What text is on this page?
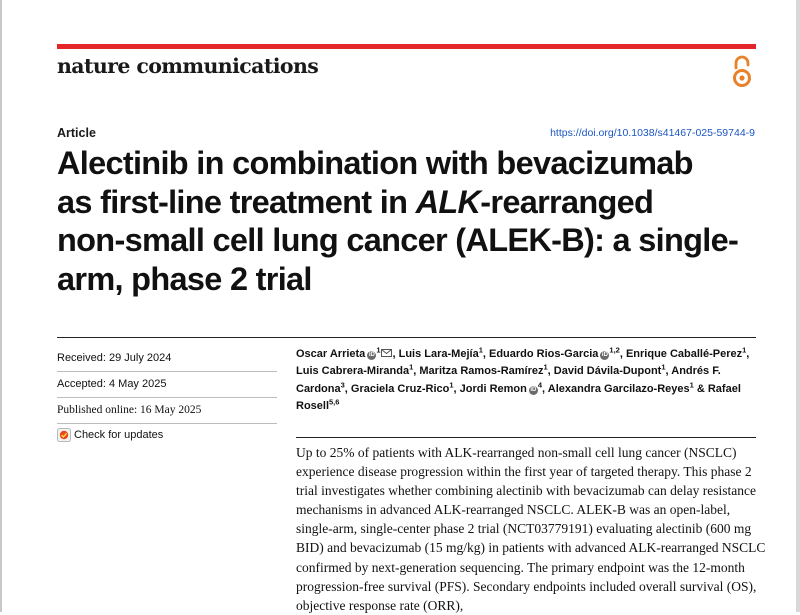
nature communications
Article	https://doi.org/10.1038/s41467-025-59744-9
Alectinib in combination with bevacizumab
as first-line treatment in ALK-rearranged
non-small cell lung cancer (ALEK-B): a single-
arm, phase 2 trial
Received: 29 July 2024
Accepted: 4 May 2025
Published online: 16 May 2025
Check for updates

Oscar Arrieta $iD^1$ , Luis Lara-Mejía$^1$, Eduardo Rios-Garcia iD$^{1,2}$, Enrique Caballé-Perez$^1$, Luis Cabrera-Miranda$^1$, Maritza Ramos-Ramírez$^1$, David Dávila-Dupont$^1$, Andrés F. Cardona$^3$, Graciela Cruz-Rico$^1$, Jordi Remon $iD^4$, Alexandra Garcilazo-Reyes$^1$ & Rafael Rosell$^{5,6}$

Up to 25% of patients with ALK-rearranged non-small cell lung cancer (NSCLC) experience disease progression within the first year of targeted therapy. This phase 2 trial investigates whether combining alectinib with bevacizumab can delay resistance mechanisms in advanced ALK-rearranged NSCLC. ALEK-B was an open-label, single-arm, single-center phase 2 trial (NCT03779191) evaluating alectinib (600 mg BID) and bevacizumab (15 mg/kg) in patients with advanced ALK-rearranged NSCLC confirmed by next-generation sequencing. The primary endpoint was the 12-month progression-free survival (PFS). Secondary endpoints included overall survival (OS), objective response rate (ORR),
